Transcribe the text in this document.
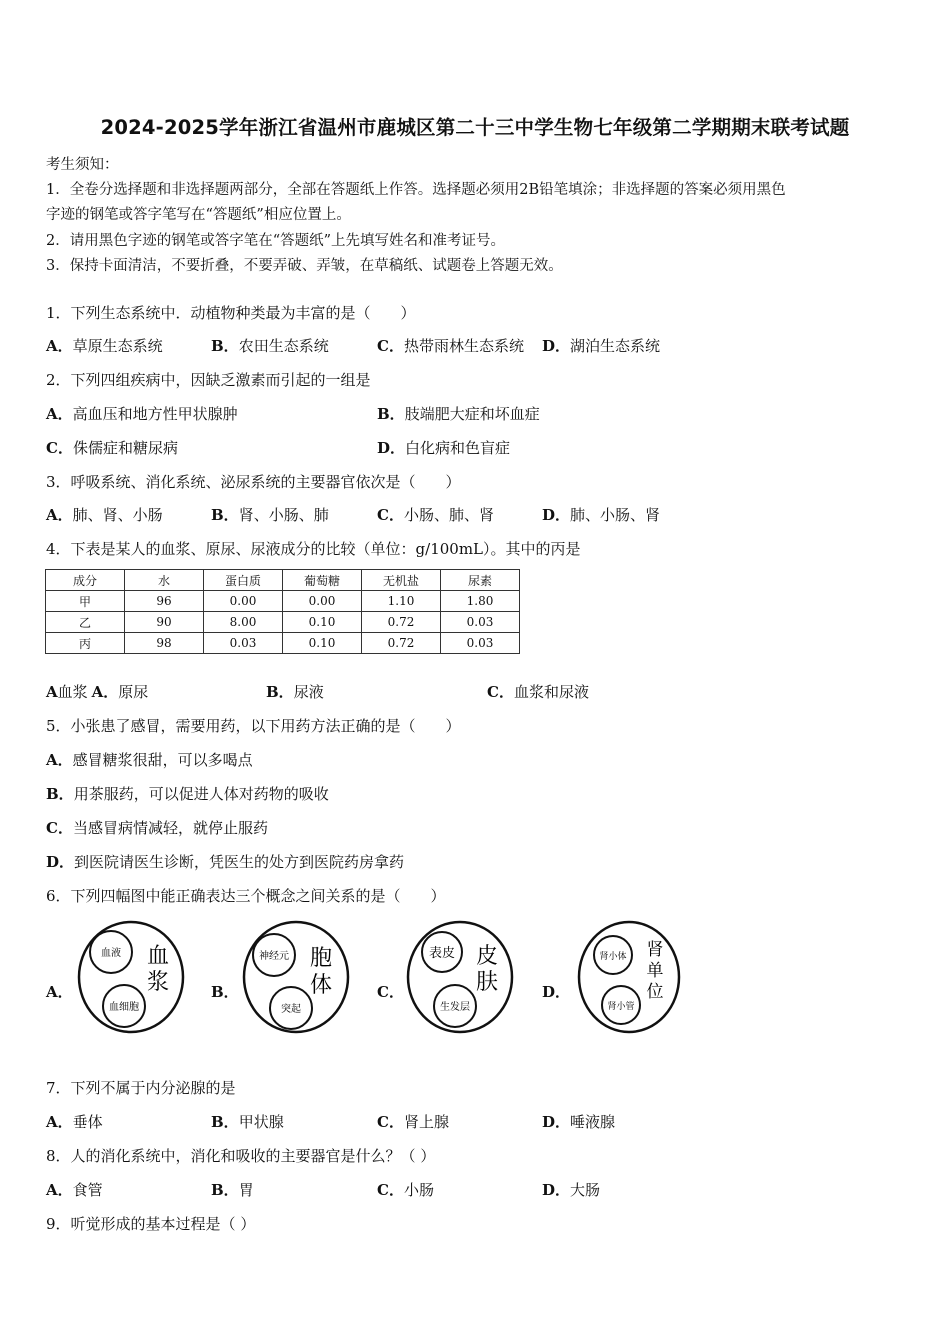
2024-2025学年浙江省温州市鹿城区第二十三中学生物七年级第二学期期末联考试题
考生须知：
1．全卷分选择题和非选择题两部分，全部在答题纸上作答。选择题必须用2B铅笔填涂；非选择题的答案必须用黑色
字迹的钢笔或答字笔写在“答题纸”相应位置上。
2．请用黑色字迹的钢笔或答字笔在“答题纸”上先填写姓名和准考证号。
3．保持卡面清洁，不要折叠，不要弄破、弄皱，在草稿纸、试题卷上答题无效。
1．下列生态系统中．动植物种类最为丰富的是（　　）
A．草原生态系统	B．农田生态系统	C．热带雨林生态系统 D．湖泊生态系统
2．下列四组疾病中，因缺乏激素而引起的一组是
A．高血压和地方性甲状腺肿	B．肢端肥大症和坏血症
C．侏儒症和糖尿病	D．白化病和色盲症
3．呼吸系统、消化系统、泌尿系统的主要器官依次是（　　）
A．肺、肾、小肠	B．肾、小肠、肺	C．小肠、肺、肾	D．肺、小肠、肾
4．下表是某人的血浆、原尿、尿液成分的比较（单位：g/100mL）。其中的丙是
成分	水	蛋白质	葡萄糖	无机盐	尿素
甲	96	0.00	0.00	1.10	1.80
乙	90	8.00	0.10	0.72	0.03
丙	98	0.03	0.10	0.72	0.03
A血浆 A．原尿	B．尿液	C．血浆和尿液
5．小张患了感冒，需要用药，以下用药方法正确的是（　　）
A．感冒糖浆很甜，可以多喝点
B．用茶服药，可以促进人体对药物的吸收
C．当感冒病情减轻，就停止服药
D．到医院请医生诊断，凭医生的处方到医院药房拿药
6．下列四幅图中能正确表达三个概念之间关系的是（　　）
A．
血液
血细胞
血
浆	B．
神经元
突起
胞
体	C．
表皮
生发层
皮
肤	D．
肾小体
肾小管
肾
单
位
7．下列不属于内分泌腺的是
A．垂体	B．甲状腺	C．肾上腺	D．唾液腺
8．人的消化系统中，消化和吸收的主要器官是什么？（ ）
A．食管	B．胃	C．小肠	D．大肠
9．听觉形成的基本过程是（ ）
